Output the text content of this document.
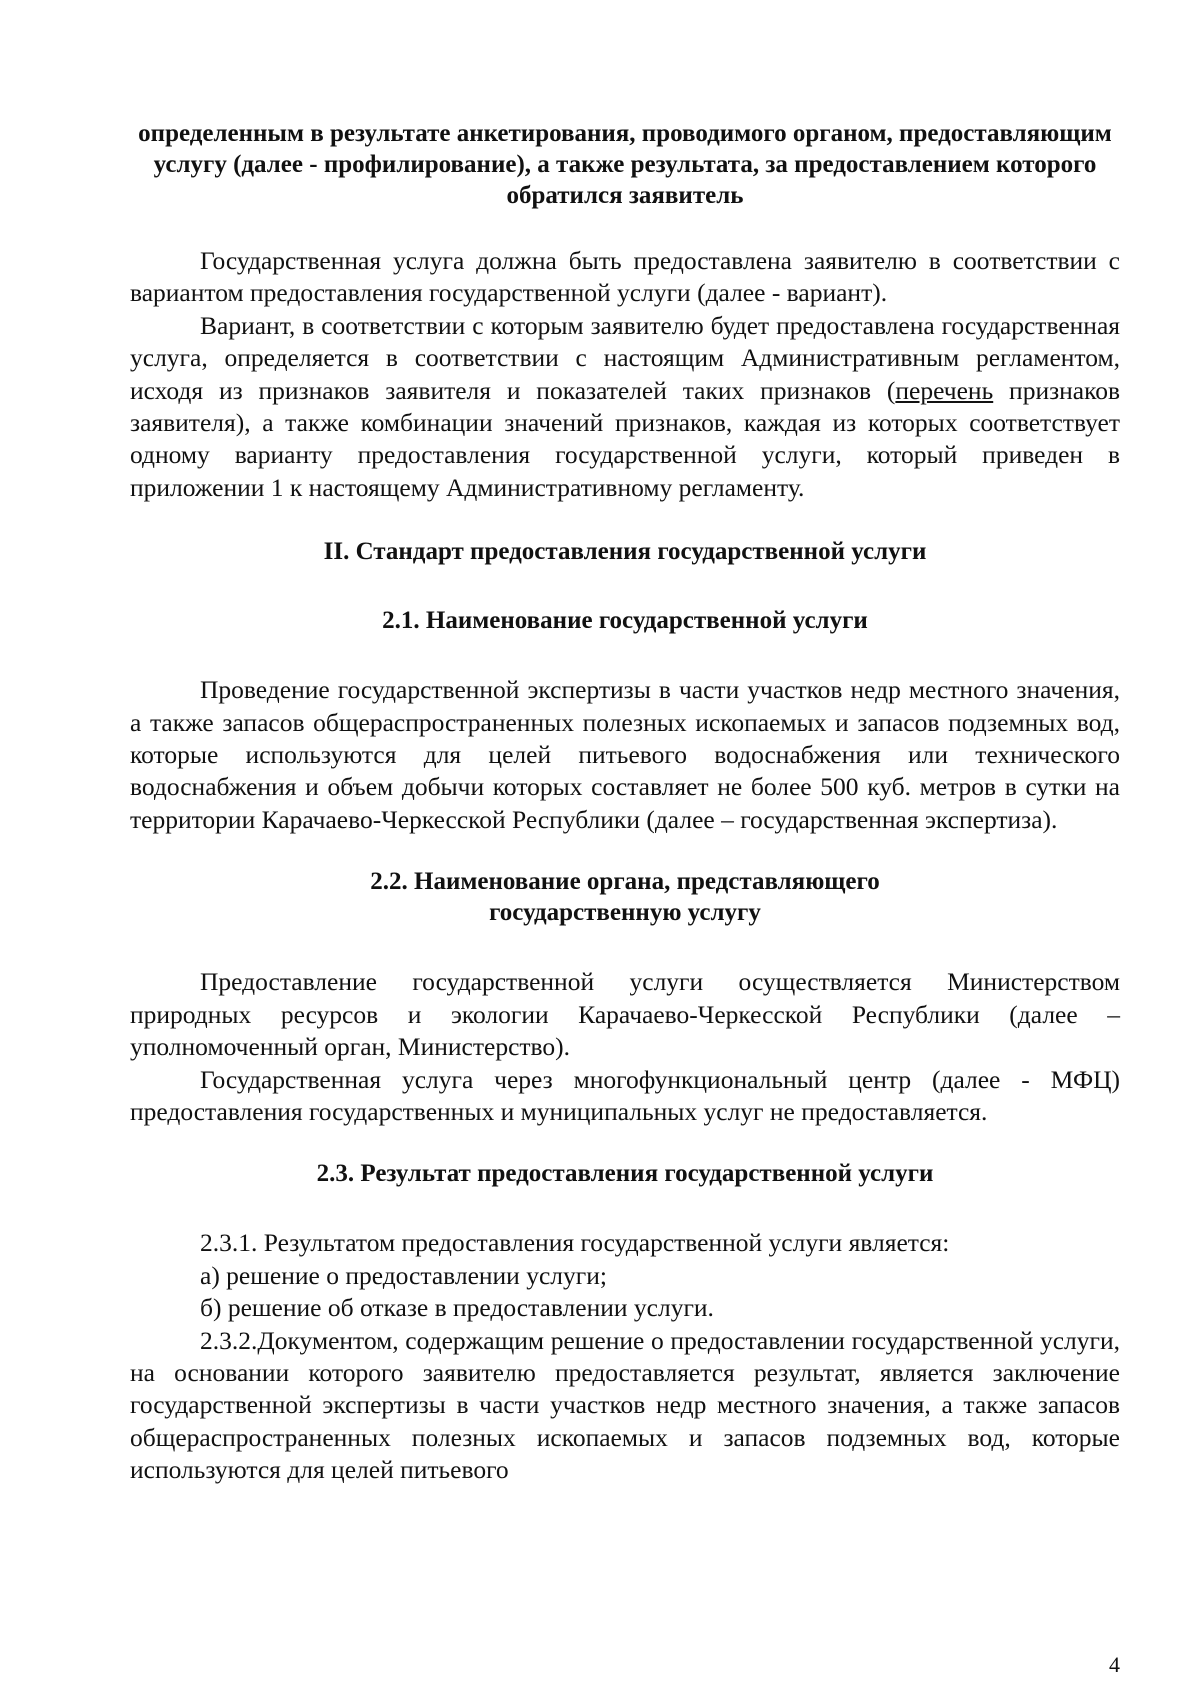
определенным в результате анкетирования, проводимого органом, предоставляющим услугу (далее - профилирование), а также результата, за предоставлением которого обратился заявитель

Государственная услуга должна быть предоставлена заявителю в соответствии с вариантом предоставления государственной услуги (далее - вариант).

Вариант, в соответствии с которым заявителю будет предоставлена государственная услуга, определяется в соответствии с настоящим Административным регламентом, исходя из признаков заявителя и показателей таких признаков (перечень признаков заявителя), а также комбинации значений признаков, каждая из которых соответствует одному варианту предоставления государственной услуги, который приведен в приложении 1 к настоящему Административному регламенту.

II. Стандарт предоставления государственной услуги

2.1. Наименование государственной услуги

Проведение государственной экспертизы в части участков недр местного значения, а также запасов общераспространенных полезных ископаемых и запасов подземных вод, которые используются для целей питьевого водоснабжения или технического водоснабжения и объем добычи которых составляет не более 500 куб. метров в сутки на территории Карачаево-Черкесской Республики (далее – государственная экспертиза).

2.2. Наименование органа, представляющего

государственную услугу

Предоставление государственной услуги осуществляется Министерством природных ресурсов и экологии Карачаево-Черкесской Республики (далее – уполномоченный орган, Министерство).

Государственная услуга через многофункциональный центр (далее - МФЦ) предоставления государственных и муниципальных услуг не предоставляется.

2.3. Результат предоставления государственной услуги

2.3.1. Результатом предоставления государственной услуги является:

а) решение о предоставлении услуги;

б) решение об отказе в предоставлении услуги.

2.3.2.Документом, содержащим решение о предоставлении государственной услуги, на основании которого заявителю предоставляется результат, является заключение государственной экспертизы в части участков недр местного значения, а также запасов общераспространенных полезных ископаемых и запасов подземных вод, которые используются для целей питьевого

4
